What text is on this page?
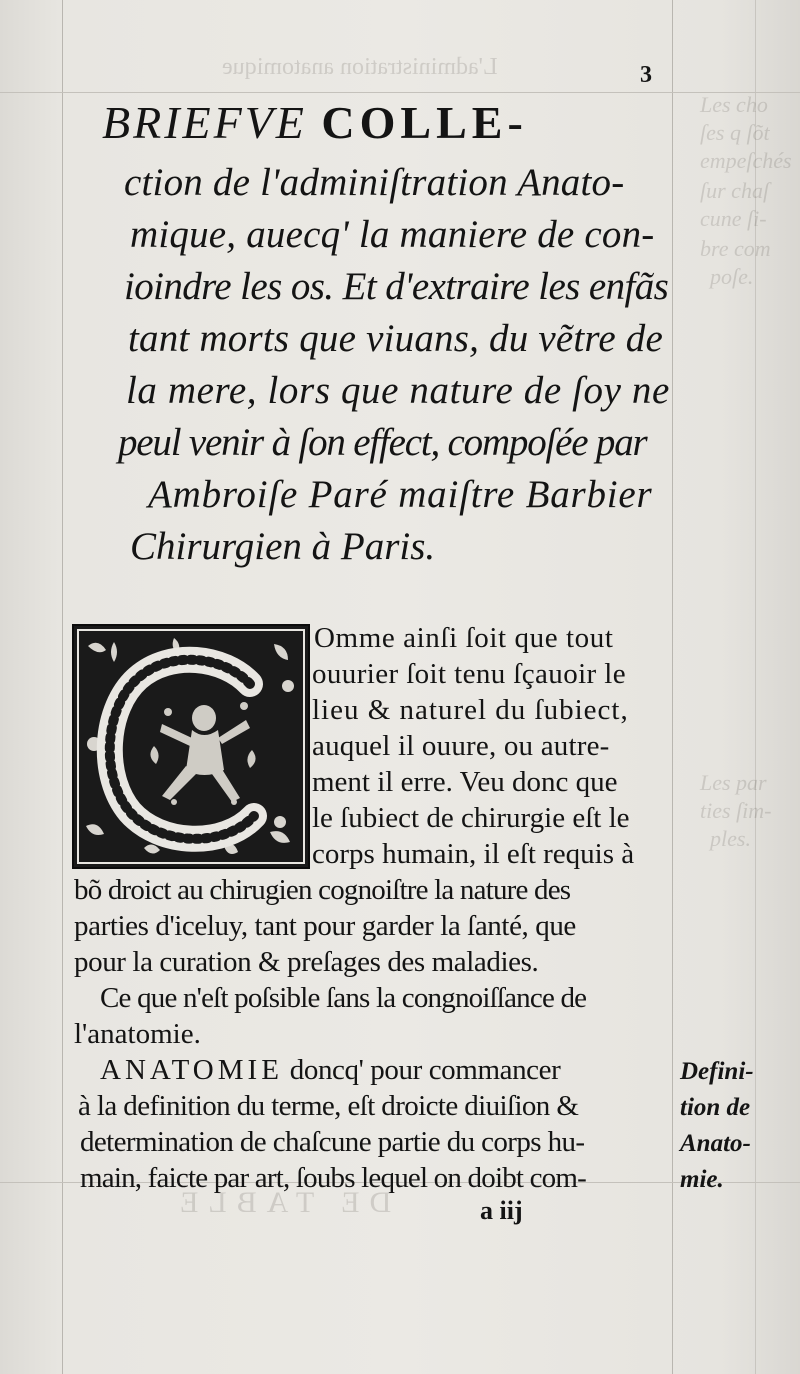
L'administration anatomique
Les cho
ſes q ſõt
empeſchés
ſur chaſ
cune ſi-
bre com
poſe.
Les par
ties ſim-
ples.
DE TABLE
3
BRIEFVE COLLE-
ction de l'adminiſtration Anato-
mique, auecq' la maniere de con-
ioindre les os. Et d'extraire les enfãs
tant morts que viuans, du vẽtre de
la mere, lors que nature de ſoy ne
peul venir à ſon effect, compoſée par
Ambroiſe Paré maiſtre Barbier
Chirurgien à Paris.
Omme ainſi ſoit que tout
ouurier ſoit tenu ſçauoir le
lieu & naturel du ſubiect,
auquel il ouure, ou autre-
ment il erre. Veu donc que
le ſubiect de chirurgie eſt le
corps humain, il eſt requis à
bõ droict au chirugien cognoiſtre la nature des
parties d'iceluy, tant pour garder la ſanté, que
pour la curation & preſages des maladies.
Ce que n'eſt poſsible ſans la congnoiſſance de
l'anatomie.
ANATOMIE doncq' pour commancer
à la definition du terme, eſt droicte diuiſion &
determination de chaſcune partie du corps hu-
main, faicte par art, ſoubs lequel on doibt com-
Defini-
tion de
Anato-
mie.
a iij
